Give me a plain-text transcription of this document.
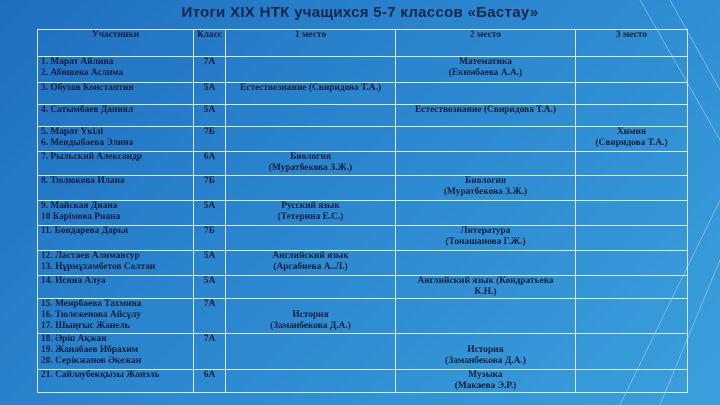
Итоги XIX НТК учащихся 5-7 классов «Бастау»
Участники	Класс	1 место	2 место	3 место

1. Марат Айлина
2. Абишева Аслима	7А		Математика
(Екимбаева А.А.)	

3. Обухов Константин	5А	Естествознание (Свиридова Т.А.)		

4. Сатымбаев Даниял	5А		Естествознание (Свиридова Т.А.)	

5. Марат Үкілі
6. Мендыбаева Элина	7Б			Химия
(Свиридова Т.А.)

7. Рыльский Александр	6А	Биология
(Муратбекова З.Ж.)		

8. Тюлюкова Илана	7Б		Биология
(Муратбекова З.Ж.)	

9. Майская Диана
10 Кәрімова Риана	5А	Русский язык
(Тетерина Е.С.)		

11. Бондарева Дарья	7Б		Литература
(Тонашанова Г.Ж.)	

12. Ластаев Алимансур
13. Нұрмұхамбетов Солтан	5А	Английский язык
(Арсабиева А..Л.)		

14. Исина Алуа	5А		Английский язык (Кондратьева
К.Н.)	

15. Меирбаева Тахмина
16. Тюлеженова Айсұлу
17. Шыңғыс Жанель	7А	История
(Заманбекова Д.А.)		

18. Әріп Ақжан
19. Жанабаев Ибрахим
20. Серікжанов Әкежан	7А		История
(Заманбекова Д.А.)	

21. Сайлаубекқызы Жанэль	6А		Музыка
(Макаева Э.Р.)	
